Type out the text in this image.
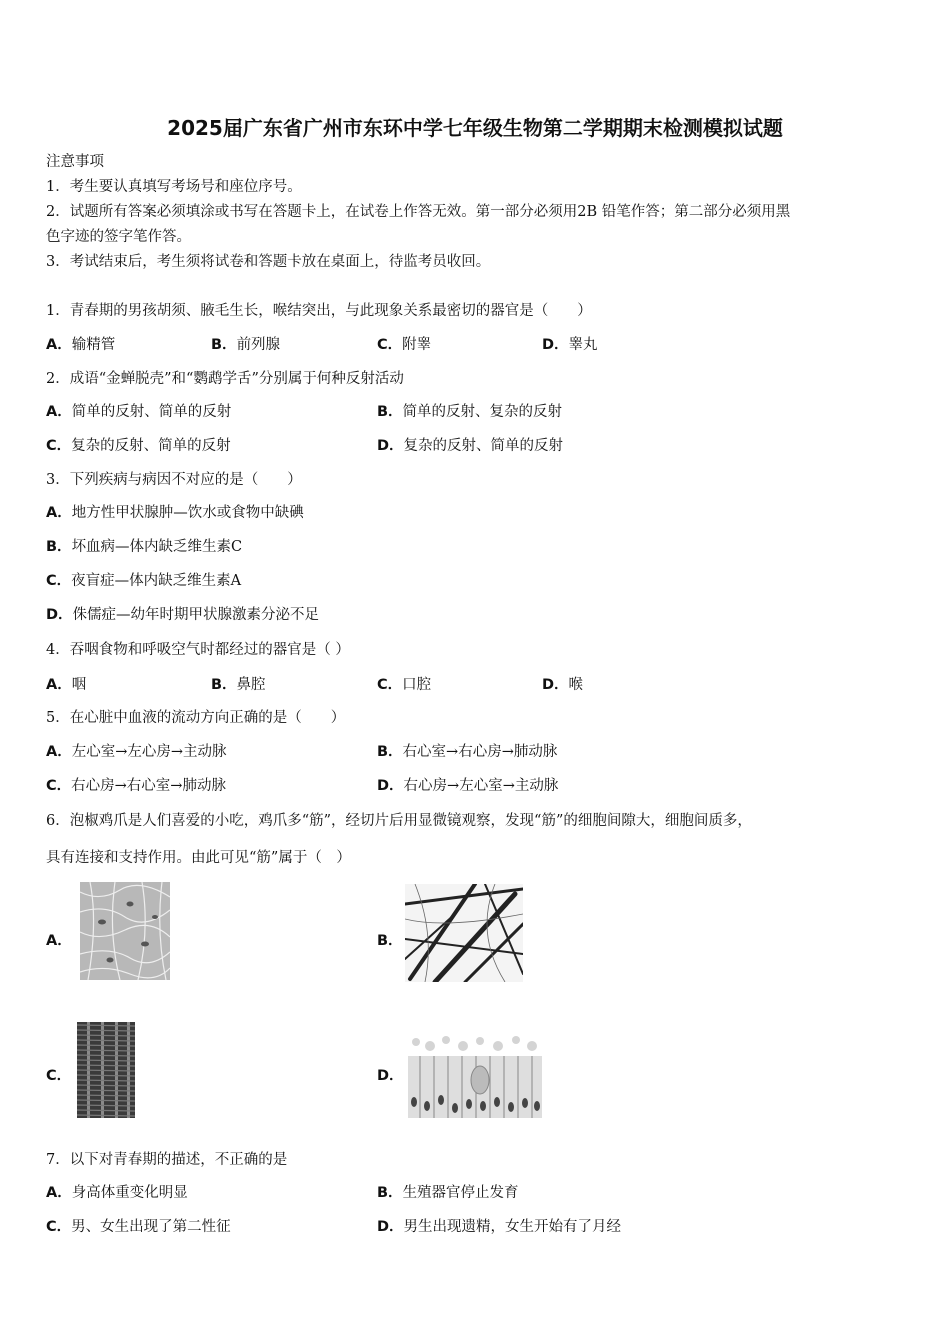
2025届广东省广州市东环中学七年级生物第二学期期末检测模拟试题
注意事项
1．考生要认真填写考场号和座位序号。
2．试题所有答案必须填涂或书写在答题卡上，在试卷上作答无效。第一部分必须用2B 铅笔作答；第二部分必须用黑
色字迹的签字笔作答。
3．考试结束后，考生须将试卷和答题卡放在桌面上，待监考员收回。
1．青春期的男孩胡须、腋毛生长，喉结突出，与此现象关系最密切的器官是（　　）
A．输精管	B．前列腺	C．附睾	D．睾丸
2．成语“金蝉脱壳”和“鹦鹉学舌”分别属于何种反射活动
A．简单的反射、简单的反射	B．简单的反射、复杂的反射
C．复杂的反射、简单的反射	D．复杂的反射、简单的反射
3．下列疾病与病因不对应的是（　　）
A．地方性甲状腺肿—饮水或食物中缺碘
B．坏血病—体内缺乏维生素C
C．夜盲症—体内缺乏维生素A
D．侏儒症—幼年时期甲状腺激素分泌不足
4．吞咽食物和呼吸空气时都经过的器官是（ ）
A．咽	B．鼻腔	C．口腔	D．喉
5．在心脏中血液的流动方向正确的是（　　）
A．左心室→左心房→主动脉	B．右心室→右心房→肺动脉
C．右心房→右心室→肺动脉	D．右心房→左心室→主动脉
6．泡椒鸡爪是人们喜爱的小吃，鸡爪多“筋”，经切片后用显微镜观察，发现“筋”的细胞间隙大，细胞间质多，
具有连接和支持作用。由此可见“筋”属于（　）
A．	B．
C．	D．
7．以下对青春期的描述，不正确的是
A．身高体重变化明显	B．生殖器官停止发育
C．男、女生出现了第二性征	D．男生出现遗精，女生开始有了月经
